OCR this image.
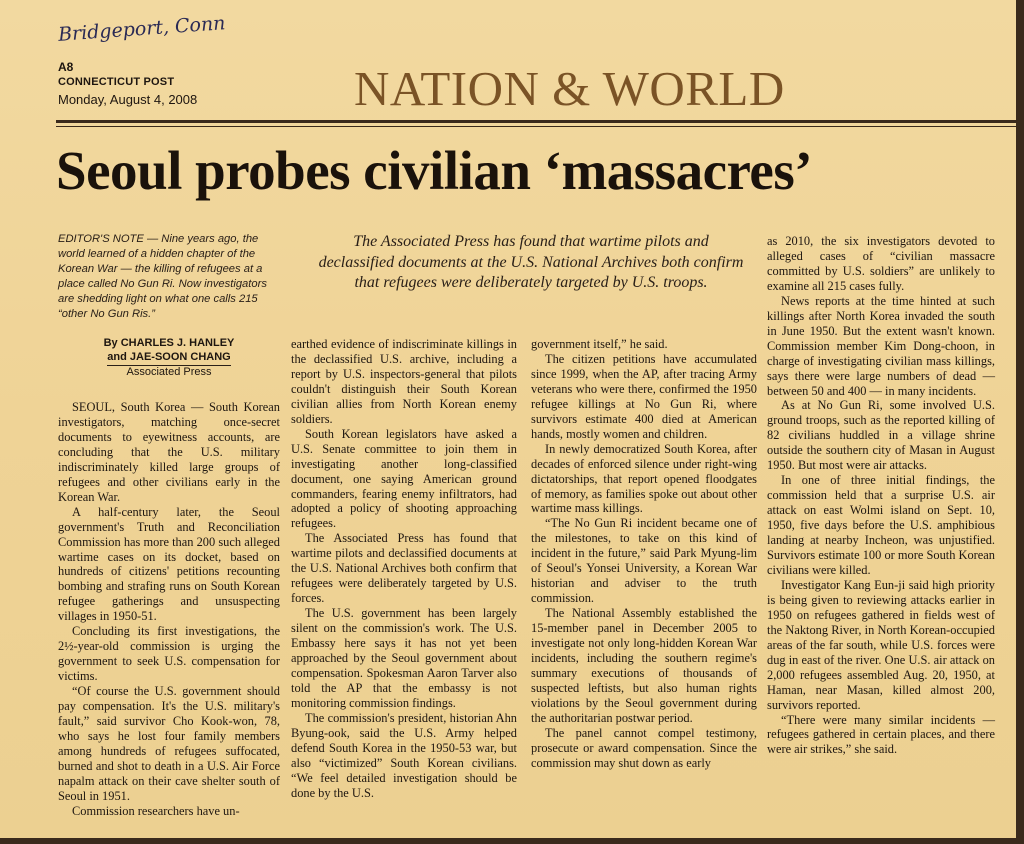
Bridgeport, Conn
A8
CONNECTICUT POST
Monday, August 4, 2008	NATION & WORLD
Seoul probes civilian ‘massacres’
EDITOR'S NOTE — Nine years ago, the world learned of a hidden chapter of the Korean War — the killing of refugees at a place called No Gun Ri. Now investigators are shedding light on what one calls 215 “other No Gun Ris.”
The Associated Press has found that wartime pilots and declassified documents at the U.S. National Archives both confirm that refugees were deliberately targeted by U.S. troops.
By CHARLES J. HANLEY
and JAE-SOON CHANG
Associated Press

SEOUL, South Korea — South Korean investigators, matching once-secret documents to eyewitness accounts, are concluding that the U.S. military indiscriminately killed large groups of refugees and other civilians early in the Korean War.

A half-century later, the Seoul government's Truth and Reconciliation Commission has more than 200 such alleged wartime cases on its docket, based on hundreds of citizens' petitions recounting bombing and strafing runs on South Korean refugee gatherings and unsuspecting villages in 1950-51.

Concluding its first investigations, the 2½-year-old commission is urging the government to seek U.S. compensation for victims.

“Of course the U.S. government should pay compensation. It's the U.S. military's fault,” said survivor Cho Kook-won, 78, who says he lost four family members among hundreds of refugees suffocated, burned and shot to death in a U.S. Air Force napalm attack on their cave shelter south of Seoul in 1951.

Commission researchers have un-

earthed evidence of indiscriminate killings in the declassified U.S. archive, including a report by U.S. inspectors-general that pilots couldn't distinguish their South Korean civilian allies from North Korean enemy soldiers.

South Korean legislators have asked a U.S. Senate committee to join them in investigating another long-classified document, one saying American ground commanders, fearing enemy infiltrators, had adopted a policy of shooting approaching refugees.

The Associated Press has found that wartime pilots and declassified documents at the U.S. National Archives both confirm that refugees were deliberately targeted by U.S. forces.

The U.S. government has been largely silent on the commission's work. The U.S. Embassy here says it has not yet been approached by the Seoul government about compensation. Spokesman Aaron Tarver also told the AP that the embassy is not monitoring commission findings.

The commission's president, historian Ahn Byung-ook, said the U.S. Army helped defend South Korea in the 1950-53 war, but also “victimized” South Korean civilians. “We feel detailed investigation should be done by the U.S.

government itself,” he said.

The citizen petitions have accumulated since 1999, when the AP, after tracing Army veterans who were there, confirmed the 1950 refugee killings at No Gun Ri, where survivors estimate 400 died at American hands, mostly women and children.

In newly democratized South Korea, after decades of enforced silence under right-wing dictatorships, that report opened floodgates of memory, as families spoke out about other wartime mass killings.

“The No Gun Ri incident became one of the milestones, to take on this kind of incident in the future,” said Park Myung-lim of Seoul's Yonsei University, a Korean War historian and adviser to the truth commission.

The National Assembly established the 15-member panel in December 2005 to investigate not only long-hidden Korean War incidents, including the southern regime's summary executions of thousands of suspected leftists, but also human rights violations by the Seoul government during the authoritarian postwar period.

The panel cannot compel testimony, prosecute or award compensation. Since the commission may shut down as early

as 2010, the six investigators devoted to alleged cases of “civilian massacre committed by U.S. soldiers” are unlikely to examine all 215 cases fully.

News reports at the time hinted at such killings after North Korea invaded the south in June 1950. But the extent wasn't known. Commission member Kim Dong-choon, in charge of investigating civilian mass killings, says there were large numbers of dead — between 50 and 400 — in many incidents.

As at No Gun Ri, some involved U.S. ground troops, such as the reported killing of 82 civilians huddled in a village shrine outside the southern city of Masan in August 1950. But most were air attacks.

In one of three initial findings, the commission held that a surprise U.S. air attack on east Wolmi island on Sept. 10, 1950, five days before the U.S. amphibious landing at nearby Incheon, was unjustified. Survivors estimate 100 or more South Korean civilians were killed.

Investigator Kang Eun-ji said high priority is being given to reviewing attacks earlier in 1950 on refugees gathered in fields west of the Naktong River, in North Korean-occupied areas of the far south, while U.S. forces were dug in east of the river. One U.S. air attack on 2,000 refugees assembled Aug. 20, 1950, at Haman, near Masan, killed almost 200, survivors reported.

“There were many similar incidents — refugees gathered in certain places, and there were air strikes,” she said.
